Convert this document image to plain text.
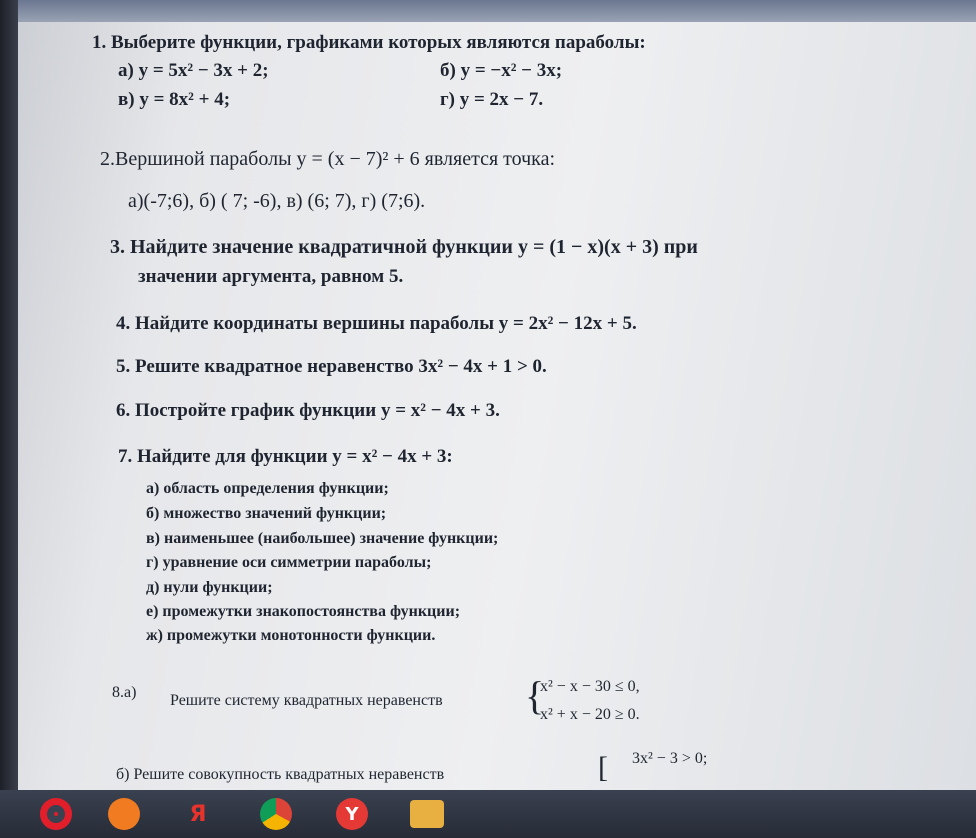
1. Выберите функции, графиками которых являются параболы:
а) y = 5x² − 3x + 2;	б) y = −x² − 3x;
в) y = 8x² + 4;	г) y = 2x − 7.
2.Вершиной параболы y = (x − 7)² + 6 является точка:
а)(-7;6), б) ( 7; -6), в) (6; 7), г) (7;6).
3. Найдите значение квадратичной функции y = (1 − x)(x + 3) при
значении аргумента, равном 5.
4. Найдите координаты вершины параболы y = 2x² − 12x + 5.
5. Решите квадратное неравенство 3x² − 4x + 1 > 0.
6. Постройте график функции y = x² − 4x + 3.
7. Найдите для функции y = x² − 4x + 3:
а) область определения функции;
б) множество значений функции;
в) наименьшее (наибольшее) значение функции;
г) уравнение оси симметрии параболы;
д) нули функции;
е) промежутки знакопостоянства функции;
ж) промежутки монотонности функции.
8.а) Решите систему квадратных неравенств {
x² − x − 30 ≤ 0,
x² + x − 20 ≥ 0.
б) Решите совокупность квадратных неравенств	[ 3x² − 3 > 0;
Я	Y
